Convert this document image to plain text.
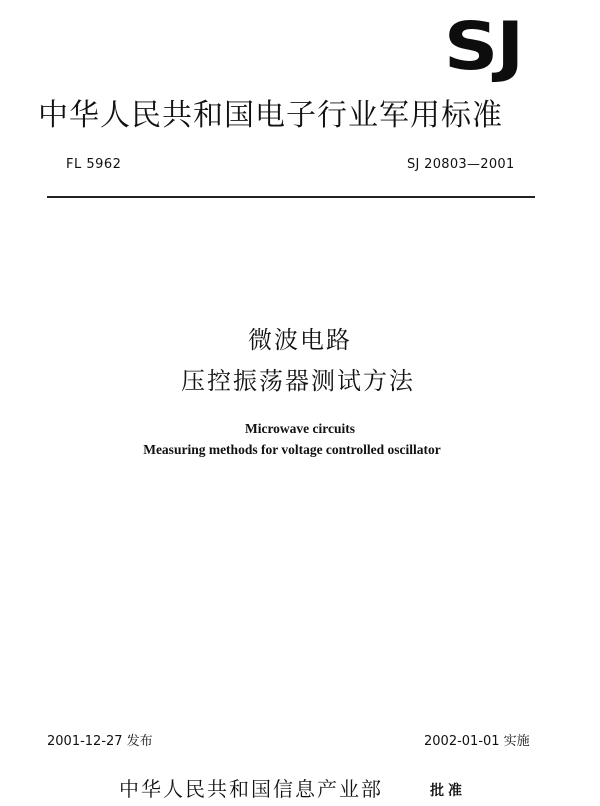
SJ
中华人民共和国电子行业军用标准
FL 5962	SJ 20803—2001
微波电路
压控振荡器测试方法
Microwave circuits
Measuring methods for voltage controlled oscillator
2001-12-27 发布	2002-01-01 实施
中华人民共和国信息产业部	批准
